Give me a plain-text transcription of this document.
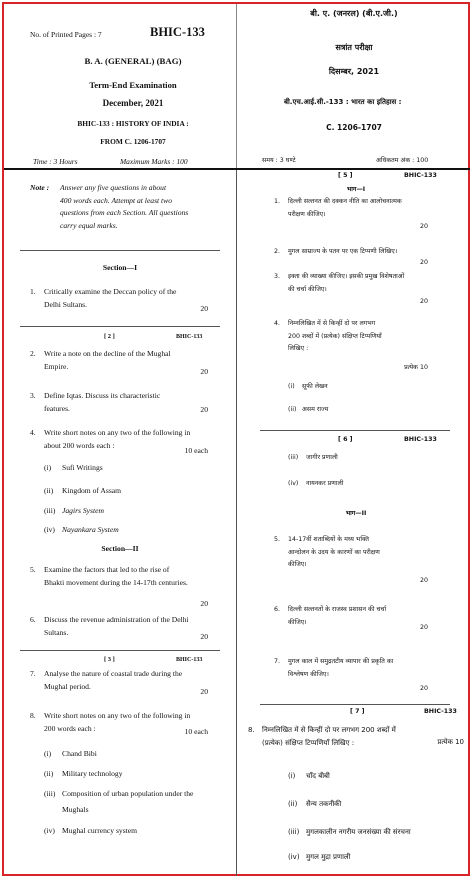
No. of Printed Pages : 7	BHIC-133
B. A. (GENERAL) (BAG)
Term-End Examination
December, 2021
BHIC-133 : HISTORY OF INDIA :
FROM C. 1206-1707
Time : 3 Hours	Maximum Marks : 100
बी. ए. (जनरल) (बी.ए.जी.)
सत्रांत परीक्षा
दिसम्बर, 2021
बी.एच.आई.सी.-133 : भारत का इतिहास :
C. 1206-1707
समय : 3 घण्टे	अधिकतम अंक : 100
Note : Answer any five questions in about
400 words each. Attempt at least two
questions from each Section. All questions
carry equal marks.
Section—I
1. Critically examine the Deccan policy of the
Delhi Sultans.	20
[ 2 ]	BHIC-133
2. Write a note on the decline of the Mughal
Empire.
20
3. Define Iqtas. Discuss its characteristic
features.	20
4. Write short notes on any two of the following in
about 200 words each :
10 each
(i) Sufi Writings
(ii) Kingdom of Assam
(iii) Jagirs System
(iv) Nayankara System
Section—II
5. Examine the factors that led to the rise of
Bhakti movement during the 14-17th centuries.
20
6. Discuss the revenue administration of the Delhi
Sultans.	20
[ 3 ]	BHIC-133
7. Analyse the nature of coastal trade during the
Mughal period.
20
8. Write short notes on any two of the following in
200 words each :	10 each
(i) Chand Bibi
(ii) Military technology
(iii) Composition of urban population under the
Mughals
(iv) Mughal currency system
[ 5 ]	BHIC-133
भाग—I
1. दिल्ली सल्तनत की दक्कन नीति का आलोचनात्मक
परीक्षण कीजिए।
20
2. मुगल साम्राज्य के पतन पर एक टिप्पणी लिखिए।
20
3. इक्ता की व्याख्या कीजिए। इसकी प्रमुख विशेषताओं
की चर्चा कीजिए।
20
4. निम्नलिखित में से किन्हीं दो पर लगभग
200 शब्दों में (प्रत्येक) संक्षिप्त टिप्पणियाँ
लिखिए :
प्रत्येक 10
(i) सूफी लेखन
(ii) असम राज्य
[ 6 ]	BHIC-133
(iii) जागीर प्रणाली
(iv) नायनकर प्रणाली
भाग—II
5. 14-17वीं शताब्दियों के मध्य भक्ति
आन्दोलन के उदय के कारणों का परीक्षण
कीजिए।
20
6. दिल्ली सल्तनतों के राजस्व प्रशासन की चर्चा
कीजिए।
20
7. मुगल काल में समुद्रतटीय व्यापार की प्रकृति का
विश्लेषण कीजिए।
20
[ 7 ]	BHIC-133
8. निम्नलिखित में से किन्हीं दो पर लगभग 200 शब्दों में
(प्रत्येक) संक्षिप्त टिप्पणियाँ लिखिए :	प्रत्येक 10
(i) चाँद बीबी
(ii) सैन्य तकनीकी
(iii) मुगलकालीन नगरीय जनसंख्या की संरचना
(iv) मुगल मुद्रा प्रणाली
